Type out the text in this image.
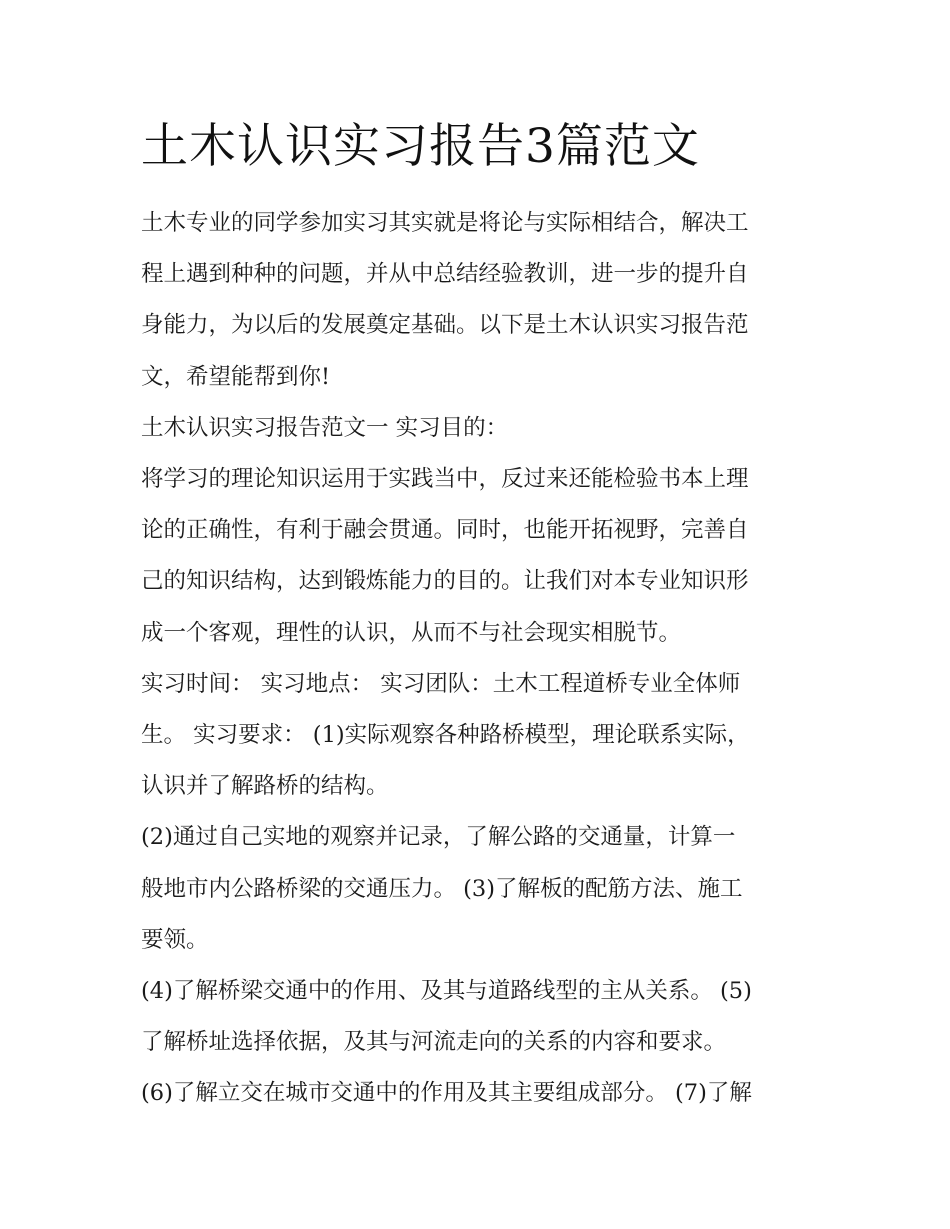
土木认识实习报告3篇范文

土木专业的同学参加实习其实就是将论与实际相结合，解决工
程上遇到种种的问题，并从中总结经验教训，进一步的提升自
身能力，为以后的发展奠定基础。以下是土木认识实习报告范
文，希望能帮到你!

土木认识实习报告范文一 实习目的：

将学习的理论知识运用于实践当中，反过来还能检验书本上理
论的正确性，有利于融会贯通。同时，也能开拓视野，完善自
己的知识结构，达到锻炼能力的目的。让我们对本专业知识形
成一个客观，理性的认识，从而不与社会现实相脱节。

实习时间： 实习地点： 实习团队：土木工程道桥专业全体师
生。 实习要求： (1)实际观察各种路桥模型，理论联系实际，
认识并了解路桥的结构。

(2)通过自己实地的观察并记录，了解公路的交通量，计算一
般地市内公路桥梁的交通压力。 (3)了解板的配筋方法、施工
要领。

(4)了解桥梁交通中的作用、及其与道路线型的主从关系。 (5)
了解桥址选择依据，及其与河流走向的关系的内容和要求。

(6)了解立交在城市交通中的作用及其主要组成部分。 (7)了解
